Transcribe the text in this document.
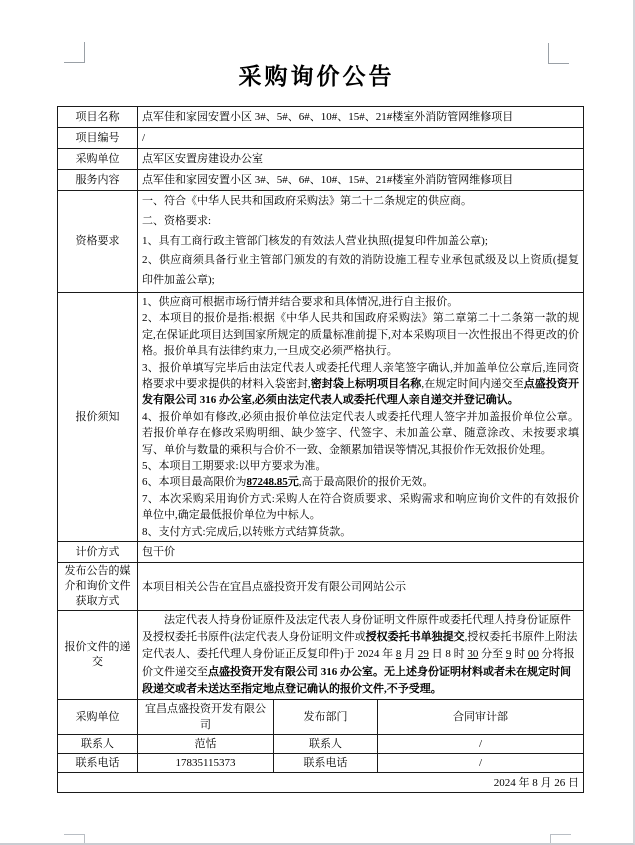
采购询价公告
项目名称	点军佳和家园安置小区 3#、5#、6#、10#、15#、21#楼室外消防管网维修项目		
项目编号	/		
采购单位	点军区安置房建设办公室		
服务内容	点军佳和家园安置小区 3#、5#、6#、10#、15#、21#楼室外消防管网维修项目		
资格要求	一、符合《中华人民共和国政府采购法》第二十二条规定的供应商。
二、资格要求:
1、具有工商行政主管部门核发的有效法人营业执照(提复印件加盖公章);
2、供应商须具备行业主管部门颁发的有效的消防设施工程专业承包贰级及以上资质(提复印件加盖公章);		

报价须知	
1、供应商可根据市场行情并结合要求和具体情况,进行自主报价。
2、本项目的报价是指:根据《中华人民共和国政府采购法》第二章第二十二条第一款的规定,在保证此项目达到国家所规定的质量标准前提下,对本采购项目一次性报出不得更改的价格。报价单具有法律约束力,一旦成交必须严格执行。
3、报价单填写完毕后由法定代表人或委托代理人亲笔签字确认,并加盖单位公章后,连同资格要求中要求提供的材料入袋密封,密封袋上标明项目名称,在规定时间内递交至点盛投资开发有限公司 316 办公室,必须由法定代表人或委托代理人亲自递交并登记确认。
4、报价单如有修改,必须由报价单位法定代表人或委托代理人签字并加盖报价单位公章。若报价单存在修改采购明细、缺少签字、代签字、未加盖公章、随意涂改、未按要求填写、单价与数量的乘积与合价不一致、金额累加错误等情况,其报价作无效报价处理。
5、本项目工期要求:以甲方要求为准。
6、本项目最高限价为87248.85元,高于最高限价的报价无效。
7、本次采购采用询价方式:采购人在符合资质要求、采购需求和响应询价文件的有效报价单位中,确定最低报价单位为中标人。
8、支付方式:完成后,以转账方式结算货款。

计价方式	包干价		
发布公告的媒介和询价文件获取方式	本项目相关公告在宜昌点盛投资开发有限公司网站公示		
报价文件的递交	法定代表人持身份证原件及法定代表人身份证明文件原件或委托代理人持身份证原件及授权委托书原件(法定代表人身份证明文件或授权委托书单独提交,授权委托书原件上附法定代表人、委托代理人身份证正反复印件)于 2024 年 8 月 29 日 8 时 30 分至 9 时 00 分将报价文件递交至点盛投资开发有限公司 316 办公室。无上述身份证明材料或者未在规定时间段递交或者未送达至指定地点登记确认的报价文件,不予受理。		

采购单位	宜昌点盛投资开发有限公司	发布部门	合同审计部
联系人	范恬	联系人	/
联系电话	17835115373	联系电话	/
2024 年 8 月 26 日			
